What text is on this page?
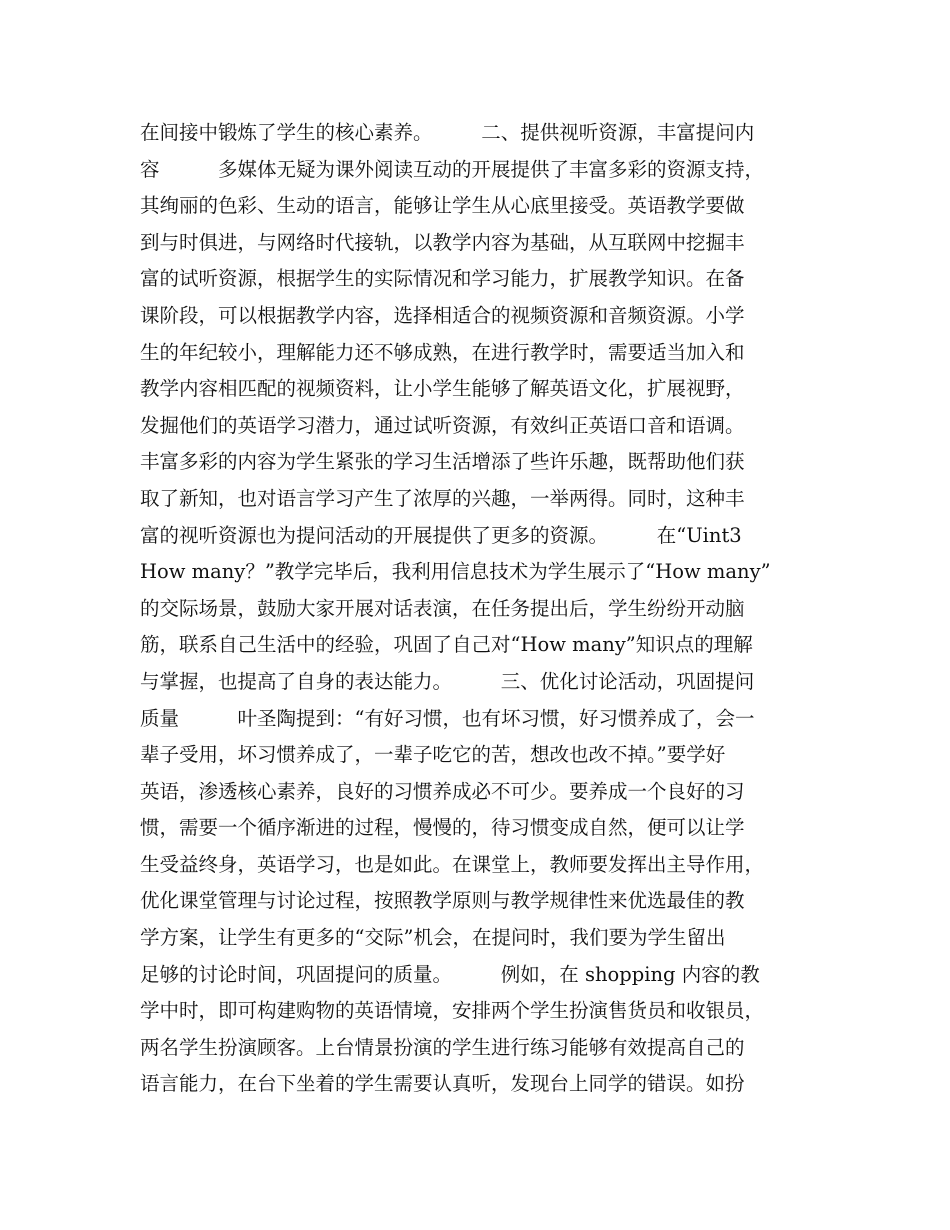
在间接中锻炼了学生的核心素养。　　　二、提供视听资源，丰富提问内
容　　　多媒体无疑为课外阅读互动的开展提供了丰富多彩的资源支持，
其绚丽的色彩、生动的语言，能够让学生从心底里接受。英语教学要做
到与时俱进，与网络时代接轨，以教学内容为基础，从互联网中挖掘丰
富的试听资源，根据学生的实际情况和学习能力，扩展教学知识。在备
课阶段，可以根据教学内容，选择相适合的视频资源和音频资源。小学
生的年纪较小，理解能力还不够成熟，在进行教学时，需要适当加入和
教学内容相匹配的视频资料，让小学生能够了解英语文化，扩展视野，
发掘他们的英语学习潜力，通过试听资源，有效纠正英语口音和语调。
丰富多彩的内容为学生紧张的学习生活增添了些许乐趣，既帮助他们获
取了新知，也对语言学习产生了浓厚的兴趣，一举两得。同时，这种丰
富的视听资源也为提问活动的开展提供了更多的资源。　　　在“Uint3
How many？”教学完毕后，我利用信息技术为学生展示了“How many”
的交际场景，鼓励大家开展对话表演，在任务提出后，学生纷纷开动脑
筋，联系自己生活中的经验，巩固了自己对“How many”知识点的理解
与掌握，也提高了自身的表达能力。　　　三、优化讨论活动，巩固提问
质量　　　叶圣陶提到：“有好习惯，也有坏习惯，好习惯养成了，会一
辈子受用，坏习惯养成了，一辈子吃它的苦，想改也改不掉。”要学好
英语，渗透核心素养，良好的习惯养成必不可少。要养成一个良好的习
惯，需要一个循序渐进的过程，慢慢的，待习惯变成自然，便可以让学
生受益终身，英语学习，也是如此。在课堂上，教师要发挥出主导作用，
优化课堂管理与讨论过程，按照教学原则与教学规律性来优选最佳的教
学方案，让学生有更多的“交际”机会，在提问时，我们要为学生留出
足够的讨论时间，巩固提问的质量。　　　例如，在 shopping 内容的教
学中时，即可构建购物的英语情境，安排两个学生扮演售货员和收银员，
两名学生扮演顾客。上台情景扮演的学生进行练习能够有效提高自己的
语言能力，在台下坐着的学生需要认真听，发现台上同学的错误。如扮
